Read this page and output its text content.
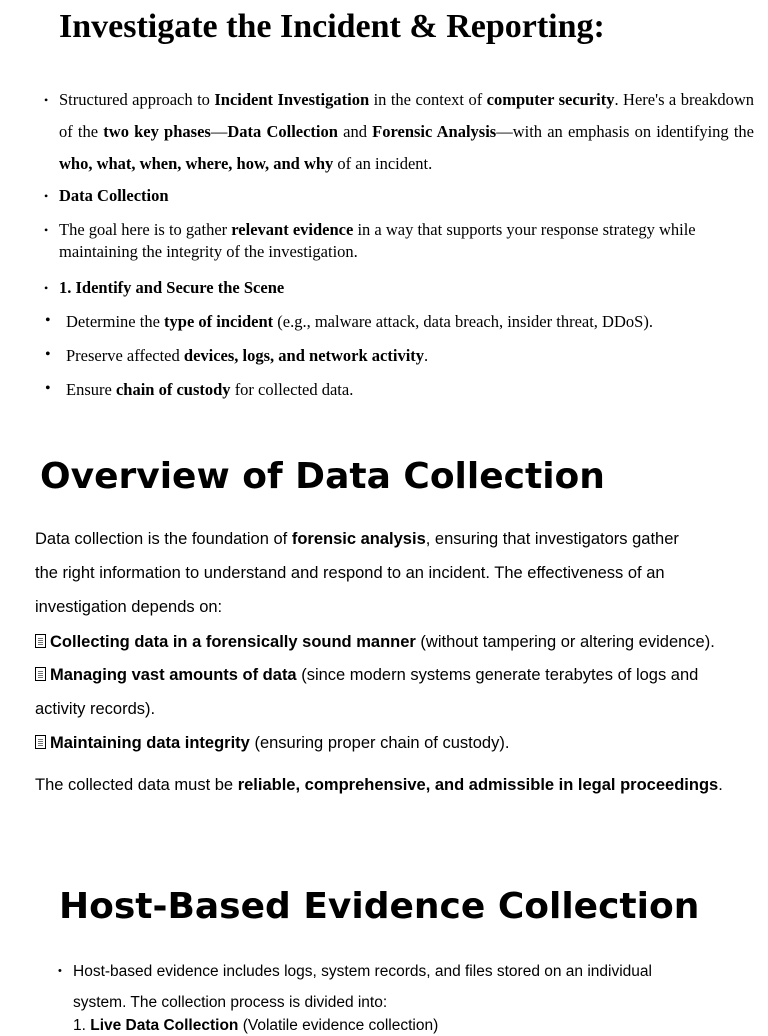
Investigate the Incident & Reporting:
• Structured approach to Incident Investigation in the context of computer security. Here's a breakdown of the two key phases—Data Collection and Forensic Analysis—with an emphasis on identifying the who, what, when, where, how, and why of an incident.
• Data Collection
• The goal here is to gather relevant evidence in a way that supports your response strategy while maintaining the integrity of the investigation.
• 1. Identify and Secure the Scene
• Determine the type of incident (e.g., malware attack, data breach, insider threat, DDoS).
• Preserve affected devices, logs, and network activity.
• Ensure chain of custody for collected data.
Overview of Data Collection
Data collection is the foundation of forensic analysis, ensuring that investigators gather
the right information to understand and respond to an incident. The effectiveness of an
investigation depends on:
Collecting data in a forensically sound manner (without tampering or altering evidence).
Managing vast amounts of data (since modern systems generate terabytes of logs and
activity records).
Maintaining data integrity (ensuring proper chain of custody).
The collected data must be reliable, comprehensive, and admissible in legal proceedings.
Host-Based Evidence Collection
• Host-based evidence includes logs, system records, and files stored on an individual
system. The collection process is divided into:
1. Live Data Collection (Volatile evidence collection)
